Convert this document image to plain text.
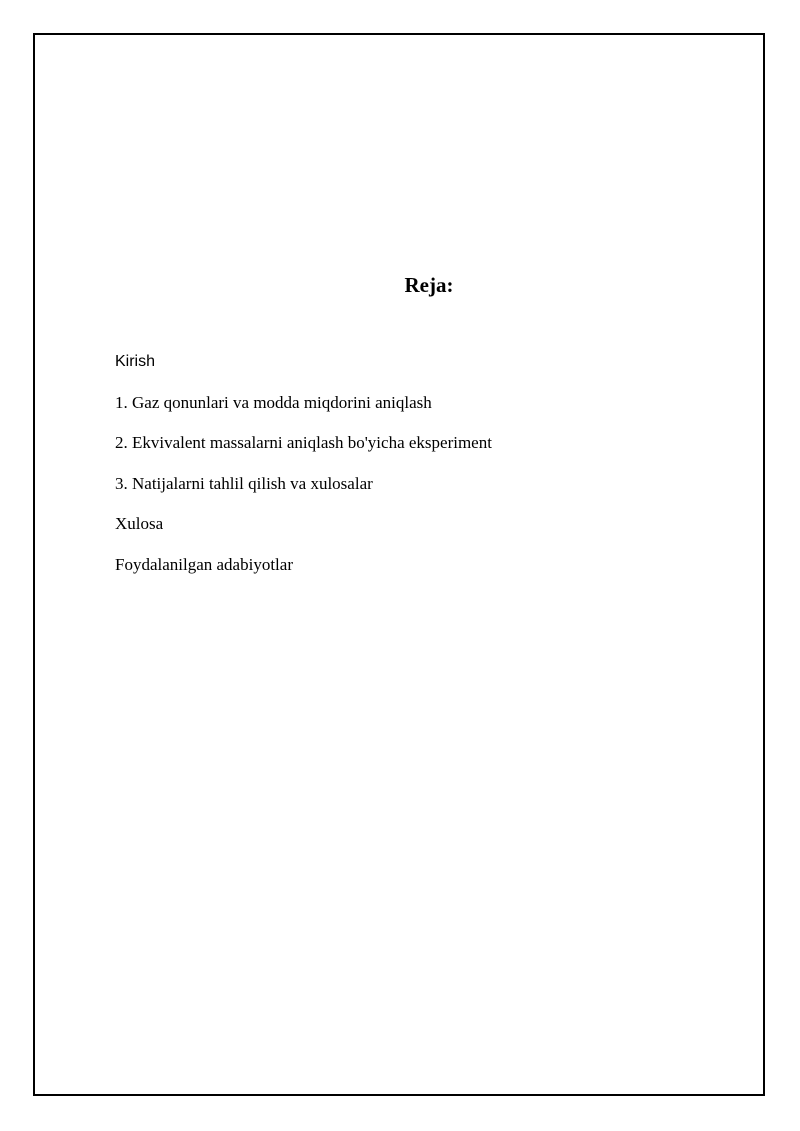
Reja:
Kirish
1. Gaz qonunlari va modda miqdorini aniqlash
2. Ekvivalent massalarni aniqlash bo'yicha eksperiment
3. Natijalarni tahlil qilish va xulosalar
Xulosa
Foydalanilgan adabiyotlar
